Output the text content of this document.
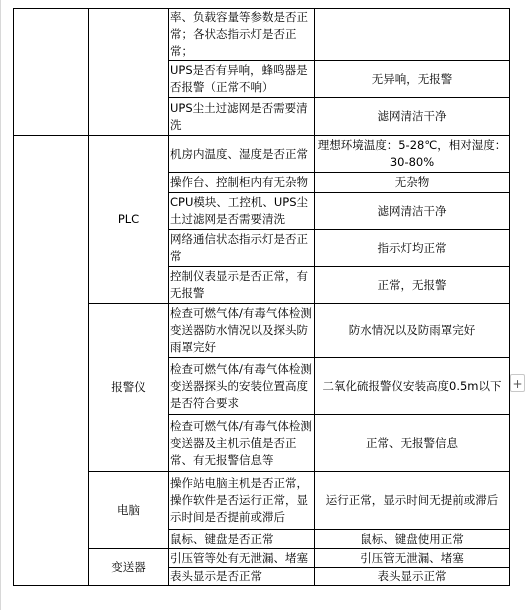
		率、负载容量等参数是否正常；各状态指示灯是否正常；	
		UPS是否有异响，蜂鸣器是否报警（正常不响）	无异响，无报警
		UPS尘土过滤网是否需要清洗	滤网清洁干净
	PLC	机房内温度、湿度是否正常	理想环境温度：5-28℃，相对湿度：30-80%
		操作台、控制柜内有无杂物	无杂物
		CPU模块、工控机、UPS尘土过滤网是否需要清洗	滤网清洁干净
		网络通信状态指示灯是否正常	指示灯均正常
		控制仪表显示是否正常，有无报警	正常，无报警
	报警仪	检查可燃气体/有毒气体检测变送器防水情况以及探头防雨罩完好	防水情况以及防雨罩完好
		检查可燃气体/有毒气体检测变送器探头的安装位置高度是否符合要求	二氧化硫报警仪安装高度0.5m以下
		检查可燃气体/有毒气体检测变送器及主机示值是否正常、有无报警信息等	正常、无报警信息
	电脑	操作站电脑主机是否正常，操作软件是否运行正常，显示时间是否提前或滞后	运行正常，显示时间无提前或滞后
		鼠标、键盘是否正常	鼠标、键盘使用正常
	变送器	引压管等处有无泄漏、堵塞	引压管无泄漏、堵塞
		表头显示是否正常	表头显示正常
+
